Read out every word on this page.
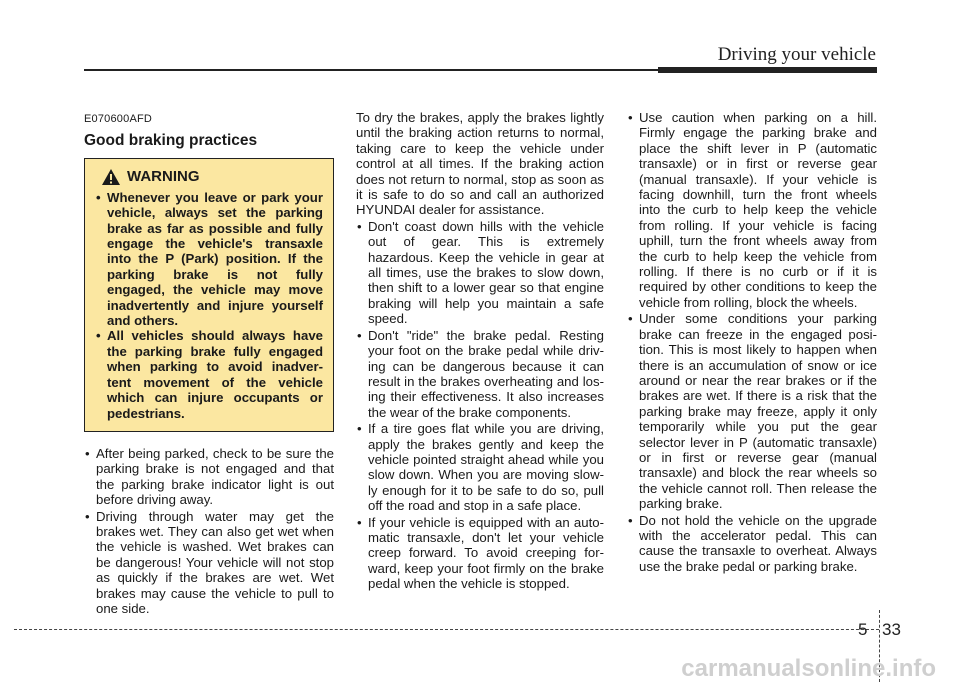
Driving your vehicle
E070600AFD
Good braking practices
WARNING
• Whenever you leave or park your vehicle, always set the parking brake as far as possible and fully engage the vehicle's transaxle into the P (Park) position. If the parking brake is not fully engaged, the vehicle may move inadvertently and injure yourself and others.
• All vehicles should always have the parking brake fully engaged when parking to avoid inadver-tent movement of the vehicle which can injure occupants or pedestrians.
• After being parked, check to be sure the parking brake is not engaged and that the parking brake indicator light is out before driving away.
• Driving through water may get the brakes wet. They can also get wet when the vehicle is washed. Wet brakes can be dangerous! Your vehicle will not stop as quickly if the brakes are wet. Wet brakes may cause the vehicle to pull to one side.

To dry the brakes, apply the brakes lightly until the braking action returns to normal, taking care to keep the vehicle under control at all times. If the braking action does not return to normal, stop as soon as it is safe to do so and call an authorized HYUNDAI dealer for assistance.

• Don't coast down hills with the vehicle out of gear. This is extremely hazardous. Keep the vehicle in gear at all times, use the brakes to slow down, then shift to a lower gear so that engine braking will help you maintain a safe speed.
• Don't "ride" the brake pedal. Resting your foot on the brake pedal while driv-ing can be dangerous because it can result in the brakes overheating and los-ing their effectiveness. It also increases the wear of the brake components.
• If a tire goes flat while you are driving, apply the brakes gently and keep the vehicle pointed straight ahead while you slow down. When you are moving slow-ly enough for it to be safe to do so, pull off the road and stop in a safe place.
• If your vehicle is equipped with an auto-matic transaxle, don't let your vehicle creep forward. To avoid creeping for-ward, keep your foot firmly on the brake pedal when the vehicle is stopped.
• Use caution when parking on a hill. Firmly engage the parking brake and place the shift lever in P (automatic transaxle) or in first or reverse gear (manual transaxle). If your vehicle is facing downhill, turn the front wheels into the curb to help keep the vehicle from rolling. If your vehicle is facing uphill, turn the front wheels away from the curb to help keep the vehicle from rolling. If there is no curb or if it is required by other conditions to keep the vehicle from rolling, block the wheels.
• Under some conditions your parking brake can freeze in the engaged posi-tion. This is most likely to happen when there is an accumulation of snow or ice around or near the rear brakes or if the brakes are wet. If there is a risk that the parking brake may freeze, apply it only temporarily while you put the gear selector lever in P (automatic transaxle) or in first or reverse gear (manual transaxle) and block the rear wheels so the vehicle cannot roll. Then release the parking brake.
• Do not hold the vehicle on the upgrade with the accelerator pedal. This can cause the transaxle to overheat. Always use the brake pedal or parking brake.
5 33
carmanualsonline.info
